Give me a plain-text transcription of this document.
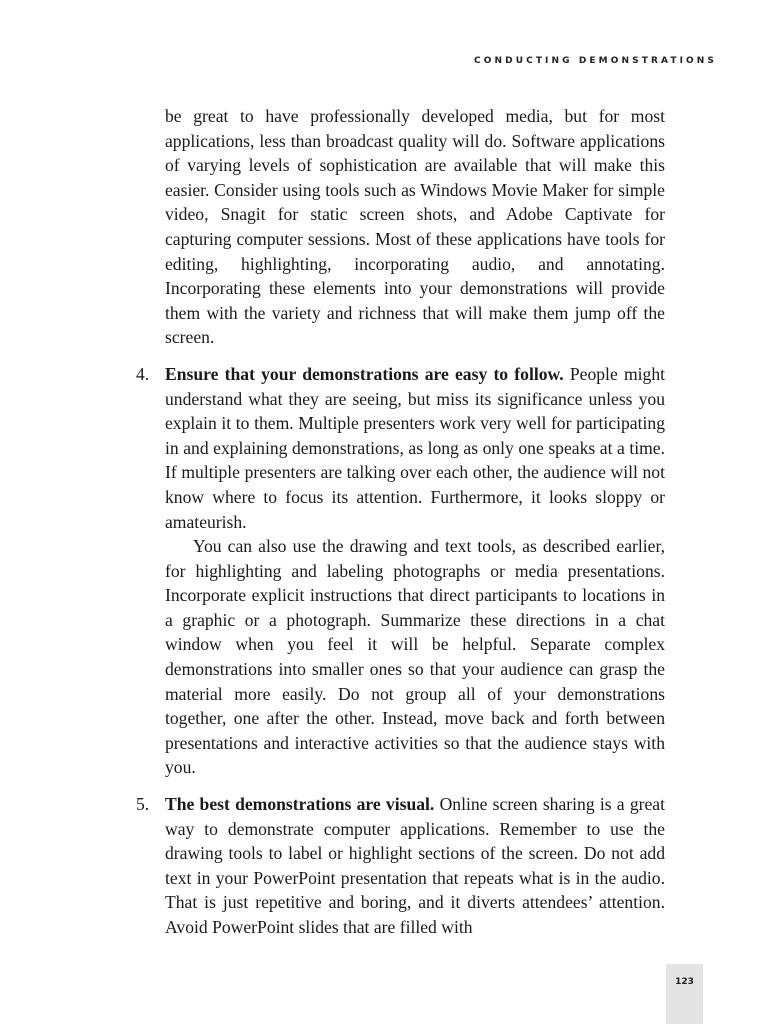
CONDUCTING DEMONSTRATIONS

be great to have professionally developed media, but for most applications, less than broadcast quality will do. Software applications of varying levels of sophistication are available that will make this easier. Consider using tools such as Windows Movie Maker for simple video, Snagit for static screen shots, and Adobe Captivate for capturing computer sessions. Most of these applications have tools for editing, highlighting, incorporating audio, and annotating. Incorporating these elements into your demonstrations will provide them with the variety and richness that will make them jump off the screen.

4. Ensure that your demonstrations are easy to follow. People might understand what they are seeing, but miss its significance unless you explain it to them. Multiple presenters work very well for participating in and explaining demonstrations, as long as only one speaks at a time. If multiple presenters are talking over each other, the audience will not know where to focus its attention. Furthermore, it looks sloppy or amateurish.

You can also use the drawing and text tools, as described earlier, for highlighting and labeling photographs or media presentations. Incorporate explicit instructions that direct participants to locations in a graphic or a photograph. Summarize these directions in a chat window when you feel it will be helpful. Separate complex demonstrations into smaller ones so that your audience can grasp the material more easily. Do not group all of your demonstrations together, one after the other. Instead, move back and forth between presentations and interactive activities so that the audience stays with you.

5. The best demonstrations are visual. Online screen sharing is a great way to demonstrate computer applications. Remember to use the drawing tools to label or highlight sections of the screen. Do not add text in your PowerPoint presentation that repeats what is in the audio. That is just repetitive and boring, and it diverts attendees’ attention. Avoid PowerPoint slides that are filled with

123
